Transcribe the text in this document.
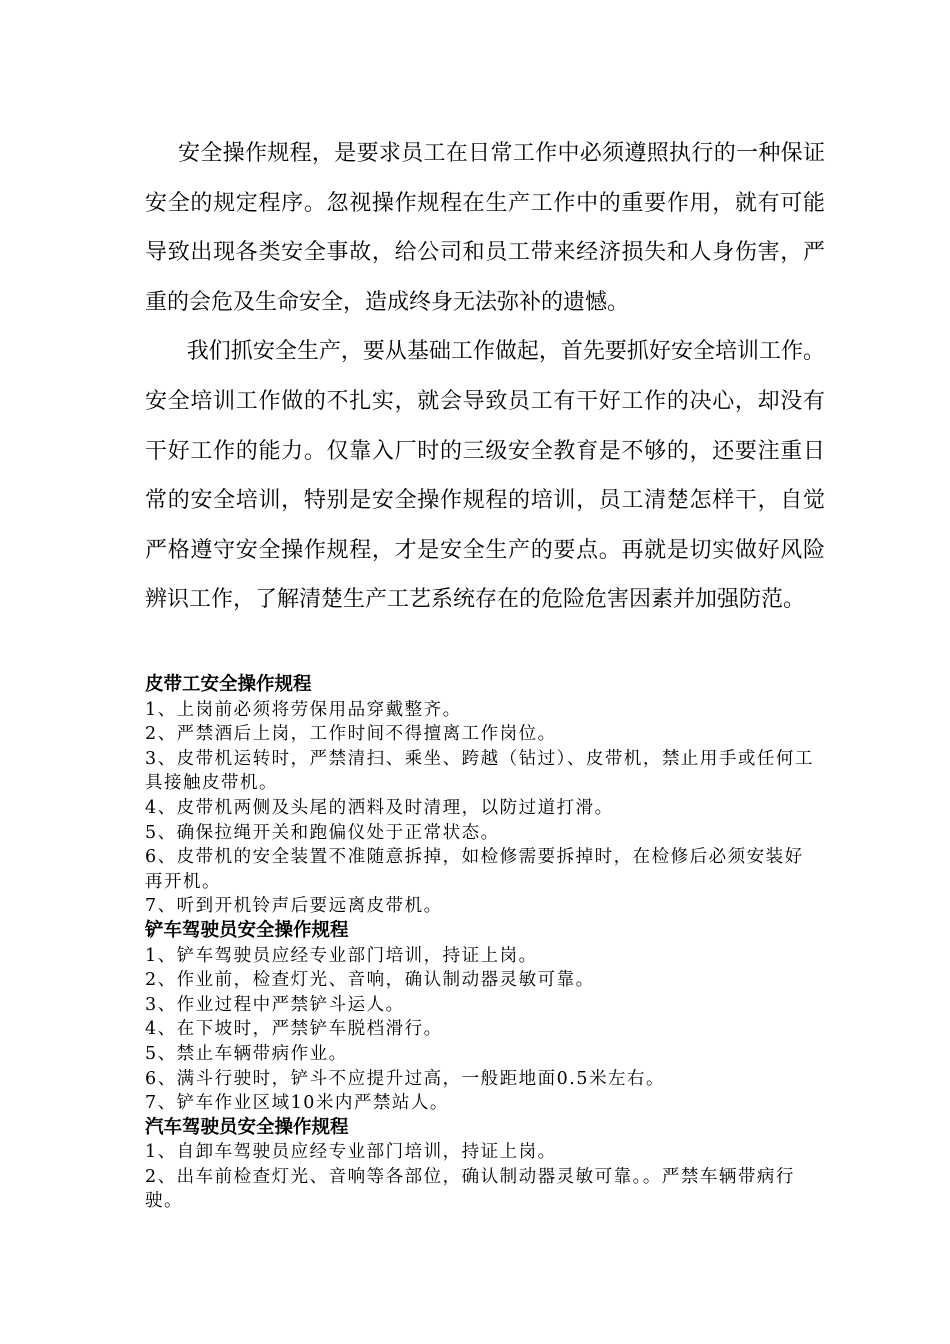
安全操作规程，是要求员工在日常工作中必须遵照执行的一种保证安全的规定程序。忽视操作规程在生产工作中的重要作用，就有可能导致出现各类安全事故，给公司和员工带来经济损失和人身伤害，严重的会危及生命安全，造成终身无法弥补的遗憾。

我们抓安全生产，要从基础工作做起，首先要抓好安全培训工作。安全培训工作做的不扎实，就会导致员工有干好工作的决心，却没有干好工作的能力。仅靠入厂时的三级安全教育是不够的，还要注重日常的安全培训，特别是安全操作规程的培训，员工清楚怎样干，自觉严格遵守安全操作规程，才是安全生产的要点。再就是切实做好风险辨识工作，了解清楚生产工艺系统存在的危险危害因素并加强防范。

皮带工安全操作规程
1、上岗前必须将劳保用品穿戴整齐。
2、严禁酒后上岗，工作时间不得擅离工作岗位。
3、皮带机运转时，严禁清扫、乘坐、跨越（钻过）、皮带机，禁止用手或任何工具接触皮带机。
4、皮带机两侧及头尾的洒料及时清理，以防过道打滑。
5、确保拉绳开关和跑偏仪处于正常状态。
6、皮带机的安全装置不准随意拆掉，如检修需要拆掉时，在检修后必须安装好再开机。
7、听到开机铃声后要远离皮带机。
铲车驾驶员安全操作规程
1、铲车驾驶员应经专业部门培训，持证上岗。
2、作业前，检查灯光、音响，确认制动器灵敏可靠。
3、作业过程中严禁铲斗运人。
4、在下坡时，严禁铲车脱档滑行。
5、禁止车辆带病作业。
6、满斗行驶时，铲斗不应提升过高，一般距地面0.5米左右。
7、铲车作业区域10米内严禁站人。
汽车驾驶员安全操作规程
1、自卸车驾驶员应经专业部门培训，持证上岗。
2、出车前检查灯光、音响等各部位，确认制动器灵敏可靠。。严禁车辆带病行驶。
